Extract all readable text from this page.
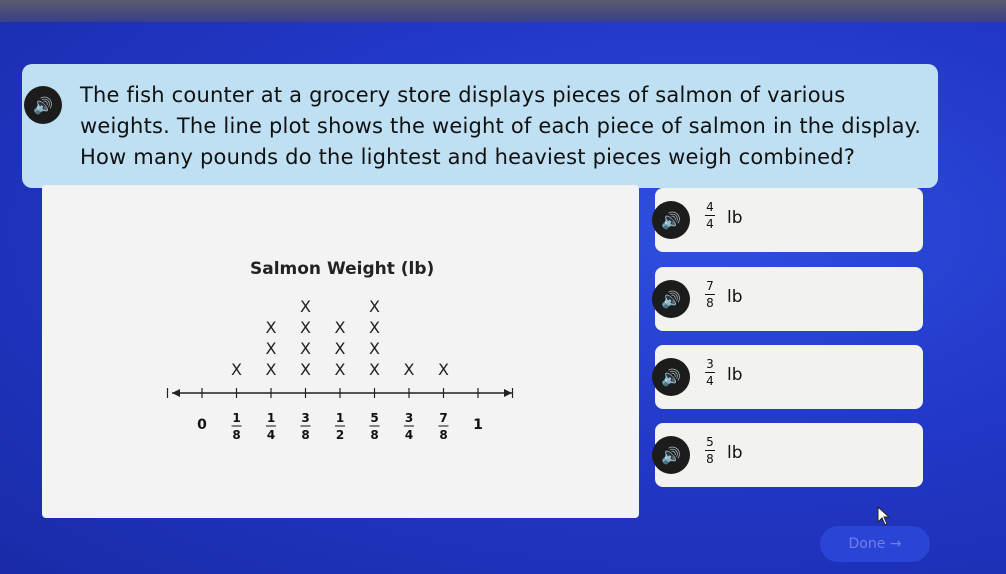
🔊	The fish counter at a grocery store displays pieces of salmon of various weights. The line plot shows the weight of each piece of salmon in the display. How many pounds do the lightest and heaviest pieces weigh combined?
Salmon Weight (lb)
0 1
8
X
1
4
X
X
X
3
8
X
X
X
X
1
2
X
X
X
5
8
X
X
X
X
3
4
X
7
8
X
1
🔊
4
4 lb
🔊
7
8 lb
🔊
3
4 lb
🔊
5
8 lb
Done →
